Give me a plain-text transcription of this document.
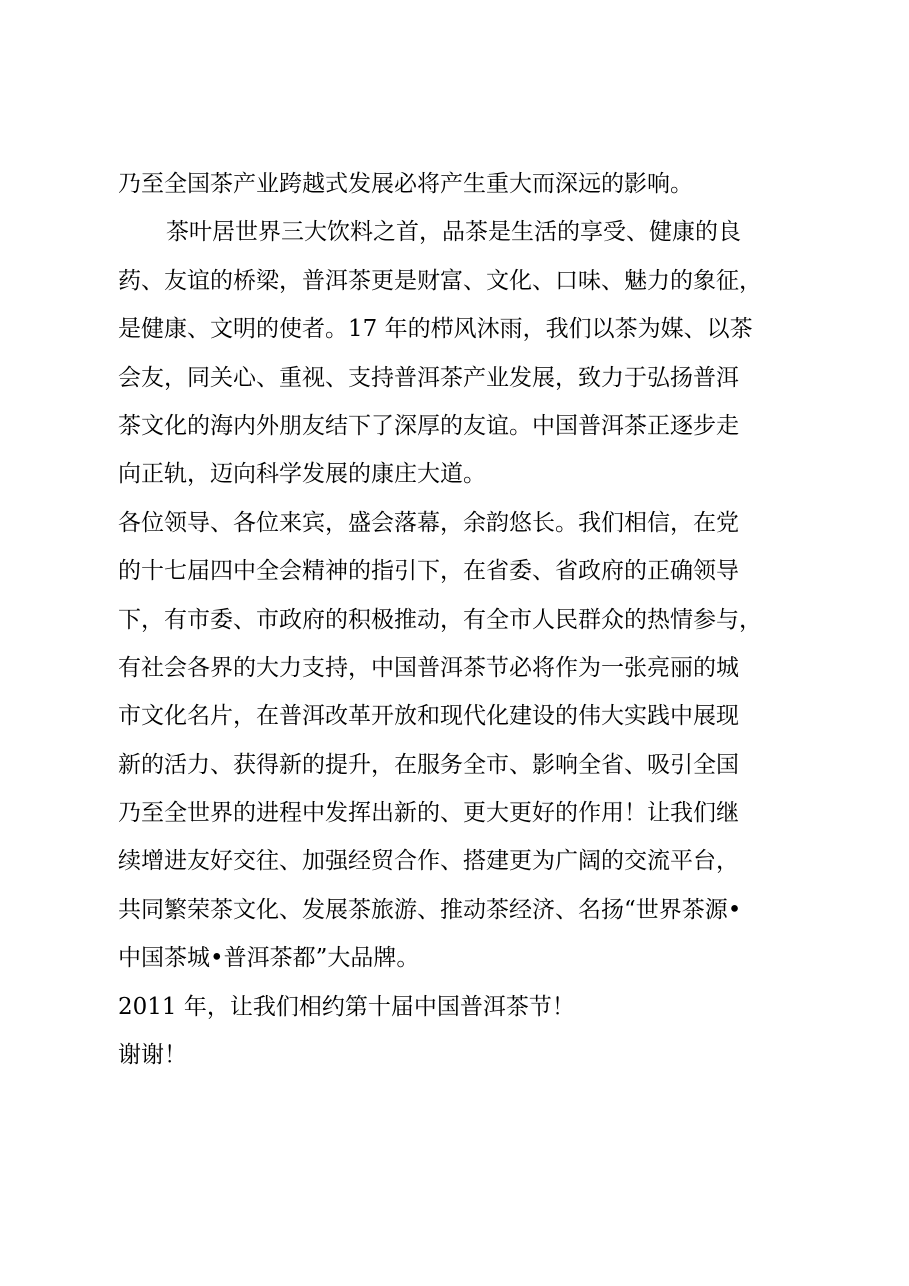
乃至全国茶产业跨越式发展必将产生重大而深远的影响。

茶叶居世界三大饮料之首，品茶是生活的享受、健康的良
药、友谊的桥梁，普洱茶更是财富、文化、口味、魅力的象征，
是健康、文明的使者。17 年的栉风沐雨，我们以茶为媒、以茶
会友，同关心、重视、支持普洱茶产业发展，致力于弘扬普洱
茶文化的海内外朋友结下了深厚的友谊。中国普洱茶正逐步走
向正轨，迈向科学发展的康庄大道。

各位领导、各位来宾，盛会落幕，余韵悠长。我们相信，在党
的十七届四中全会精神的指引下，在省委、省政府的正确领导
下，有市委、市政府的积极推动，有全市人民群众的热情参与，
有社会各界的大力支持，中国普洱茶节必将作为一张亮丽的城
市文化名片，在普洱改革开放和现代化建设的伟大实践中展现
新的活力、获得新的提升，在服务全市、影响全省、吸引全国
乃至全世界的进程中发挥出新的、更大更好的作用！让我们继
续增进友好交往、加强经贸合作、搭建更为广阔的交流平台，
共同繁荣茶文化、发展茶旅游、推动茶经济、名扬“世界茶源•
中国茶城•普洱茶都”大品牌。

2011 年，让我们相约第十届中国普洱茶节！

谢谢！
